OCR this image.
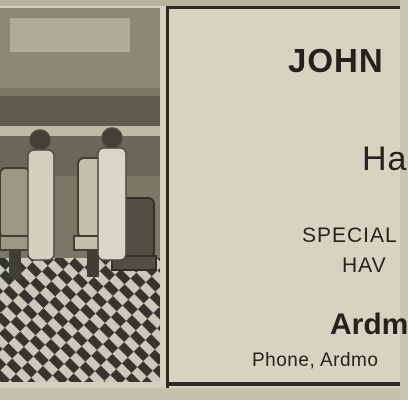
JOHN
Ha
SPECIAL
HAV
Ardm
Phone, Ardmo
